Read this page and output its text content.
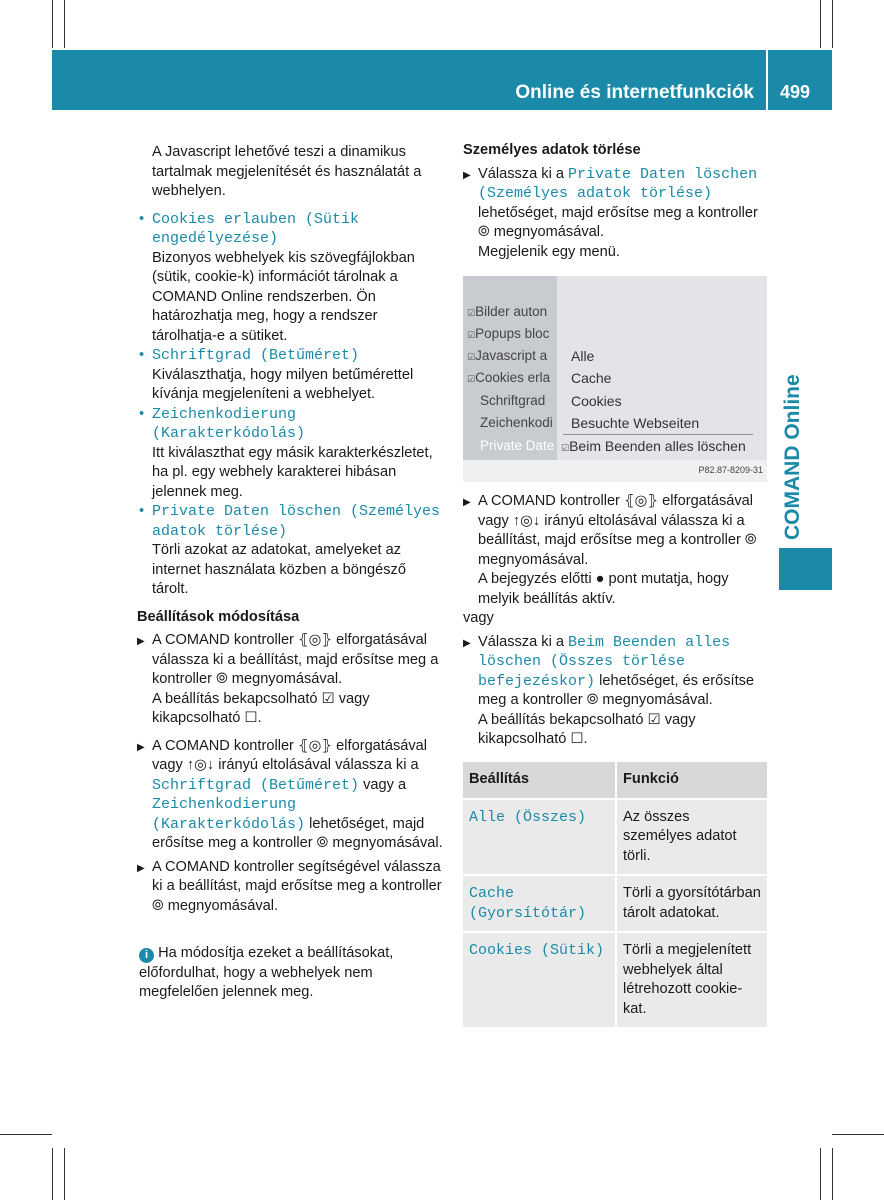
Online és internetfunkciók 499
COMAND Online

A Javascript lehetővé teszi a dinamikus tartalmak megjelenítését és használatát a webhelyen.

• Cookies erlauben (Sütik engedélyezése)

Bizonyos webhelyek kis szövegfájlokban (sütik, cookie-k) információt tárolnak a COMAND Online rendszerben. Ön határozhatja meg, hogy a rendszer tárolhatja-e a sütiket.

• Schriftgrad (Betűméret)

Kiválaszthatja, hogy milyen betűmérettel kívánja megjeleníteni a webhelyet.

• Zeichenkodierung (Karakterkódolás)

Itt kiválaszthat egy másik karakterkészletet, ha pl. egy webhely karakterei hibásan jelennek meg.

• Private Daten löschen (Személyes adatok törlése)

Törli azokat az adatokat, amelyeket az internet használata közben a böngésző tárolt.

Beállítások módosítása

▶ A COMAND kontroller ⦃◎⦄ elforgatásával válassza ki a beállítást, majd erősítse meg a kontroller ⦾ megnyomásával.

A beállítás bekapcsolható ☑ vagy kikapcsolható ☐.

▶ A COMAND kontroller ⦃◎⦄ elforgatásával vagy ↑◎↓ irányú eltolásával válassza ki a Schriftgrad (Betűméret) vagy a Zeichenkodierung (Karakterkódolás) lehetőséget, majd erősítse meg a kontroller ⦾ megnyomásával.

▶ A COMAND kontroller segítségével válassza ki a beállítást, majd erősítse meg a kontroller ⦾ megnyomásával.

i Ha módosítja ezeket a beállításokat, előfordulhat, hogy a webhelyek nem megfelelően jelennek meg.

Személyes adatok törlése

▶ Válassza ki a Private Daten löschen (Személyes adatok törlése) lehetőséget, majd erősítse meg a kontroller ⦾ megnyomásával.

Megjelenik egy menü.

☑Bilder auton
☑Popups bloc
☑Javascript a
☑Cookies erla
Schriftgrad
Zeichenkodi
Private Date
Alle
Cache
Cookies
Besuchte Webseiten
☑Beim Beenden alles löschen
P82.87-8209-31

▶ A COMAND kontroller ⦃◎⦄ elforgatásával vagy ↑◎↓ irányú eltolásával válassza ki a beállítást, majd erősítse meg a kontroller ⦾ megnyomásával.

A bejegyzés előtti ● pont mutatja, hogy melyik beállítás aktív.

vagy

▶ Válassza ki a Beim Beenden alles löschen (Összes törlése befejezéskor) lehetőséget, és erősítse meg a kontroller ⦾ megnyomásával.

A beállítás bekapcsolható ☑ vagy kikapcsolható ☐.

Beállítás	Funkció
Alle (Összes)	Az összes személyes adatot törli.
Cache (Gyorsítótár)	Törli a gyorsítótárban tárolt adatokat.
Cookies (Sütik)	Törli a megjelenített webhelyek által létrehozott cookie-kat.
